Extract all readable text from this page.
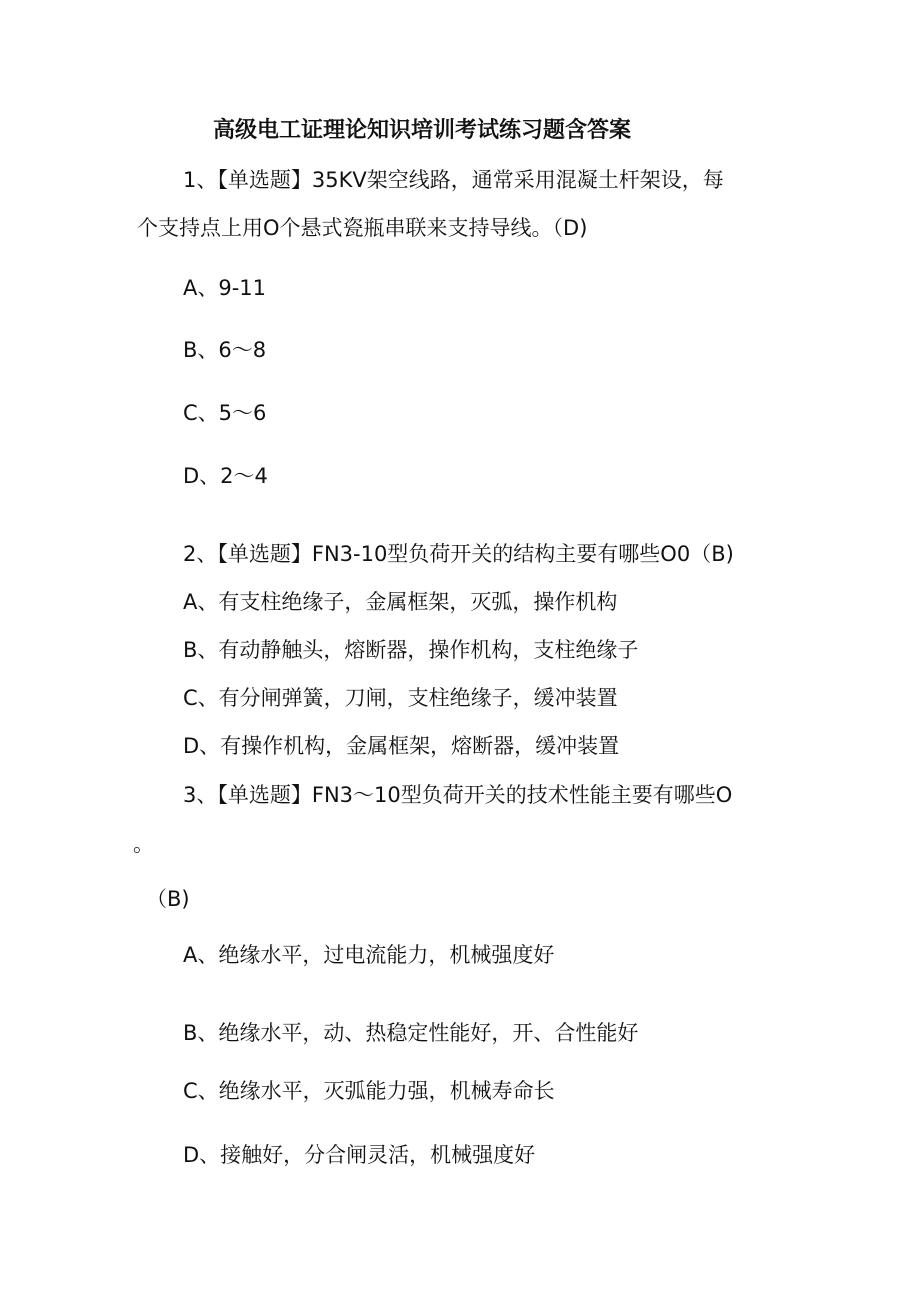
高级电工证理论知识培训考试练习题含答案

1、【单选题】35KV架空线路，通常采用混凝土杆架设，每

个支持点上用O个悬式瓷瓶串联来支持导线。（D)

A、9-11

B、6～8

C、5～6

D、2～4

2、【单选题】FN3-10型负荷开关的结构主要有哪些O0（B)

A、有支柱绝缘子，金属框架，灭弧，操作机构

B、有动静触头，熔断器，操作机构，支柱绝缘子

C、有分闸弹簧，刀闸，支柱绝缘子，缓冲装置

D、有操作机构，金属框架，熔断器，缓冲装置

3、【单选题】FN3～10型负荷开关的技术性能主要有哪些O

。

（B)

A、绝缘水平，过电流能力，机械强度好

B、绝缘水平，动、热稳定性能好，开、合性能好

C、绝缘水平，灭弧能力强，机械寿命长

D、接触好，分合闸灵活，机械强度好
